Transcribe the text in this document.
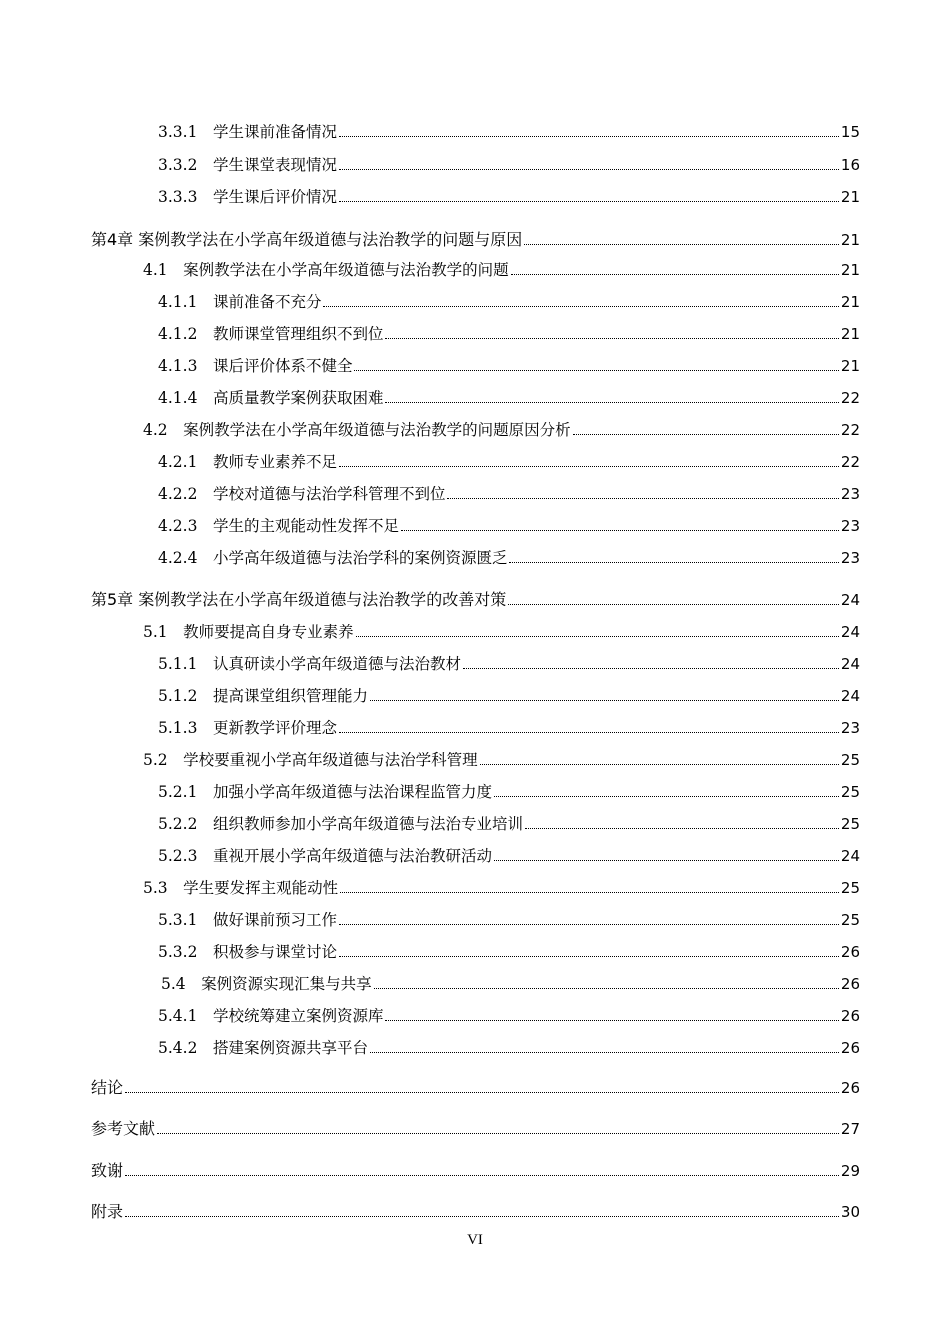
3.3.1　学生课前准备情况	15
3.3.2　学生课堂表现情况	16
3.3.3　学生课后评价情况	21
第4章 案例教学法在小学高年级道德与法治教学的问题与原因	21
4.1　案例教学法在小学高年级道德与法治教学的问题	21
4.1.1　课前准备不充分	21
4.1.2　教师课堂管理组织不到位	21
4.1.3　课后评价体系不健全	21
4.1.4　高质量教学案例获取困难	22
4.2　案例教学法在小学高年级道德与法治教学的问题原因分析	22
4.2.1　教师专业素养不足	22
4.2.2　学校对道德与法治学科管理不到位	23
4.2.3　学生的主观能动性发挥不足	23
4.2.4　小学高年级道德与法治学科的案例资源匮乏	23
第5章 案例教学法在小学高年级道德与法治教学的改善对策	24
5.1　教师要提高自身专业素养	24
5.1.1　认真研读小学高年级道德与法治教材	24
5.1.2　提高课堂组织管理能力	24
5.1.3　更新教学评价理念	23
5.2　学校要重视小学高年级道德与法治学科管理	25
5.2.1　加强小学高年级道德与法治课程监管力度	25
5.2.2　组织教师参加小学高年级道德与法治专业培训	25
5.2.3　重视开展小学高年级道德与法治教研活动	24
5.3　学生要发挥主观能动性	25
5.3.1　做好课前预习工作	25
5.3.2　积极参与课堂讨论	26
5.4　案例资源实现汇集与共享	26
5.4.1　学校统筹建立案例资源库	26
5.4.2　搭建案例资源共享平台	26
结论	26
参考文献	27
致谢	29
附录	30
VI
